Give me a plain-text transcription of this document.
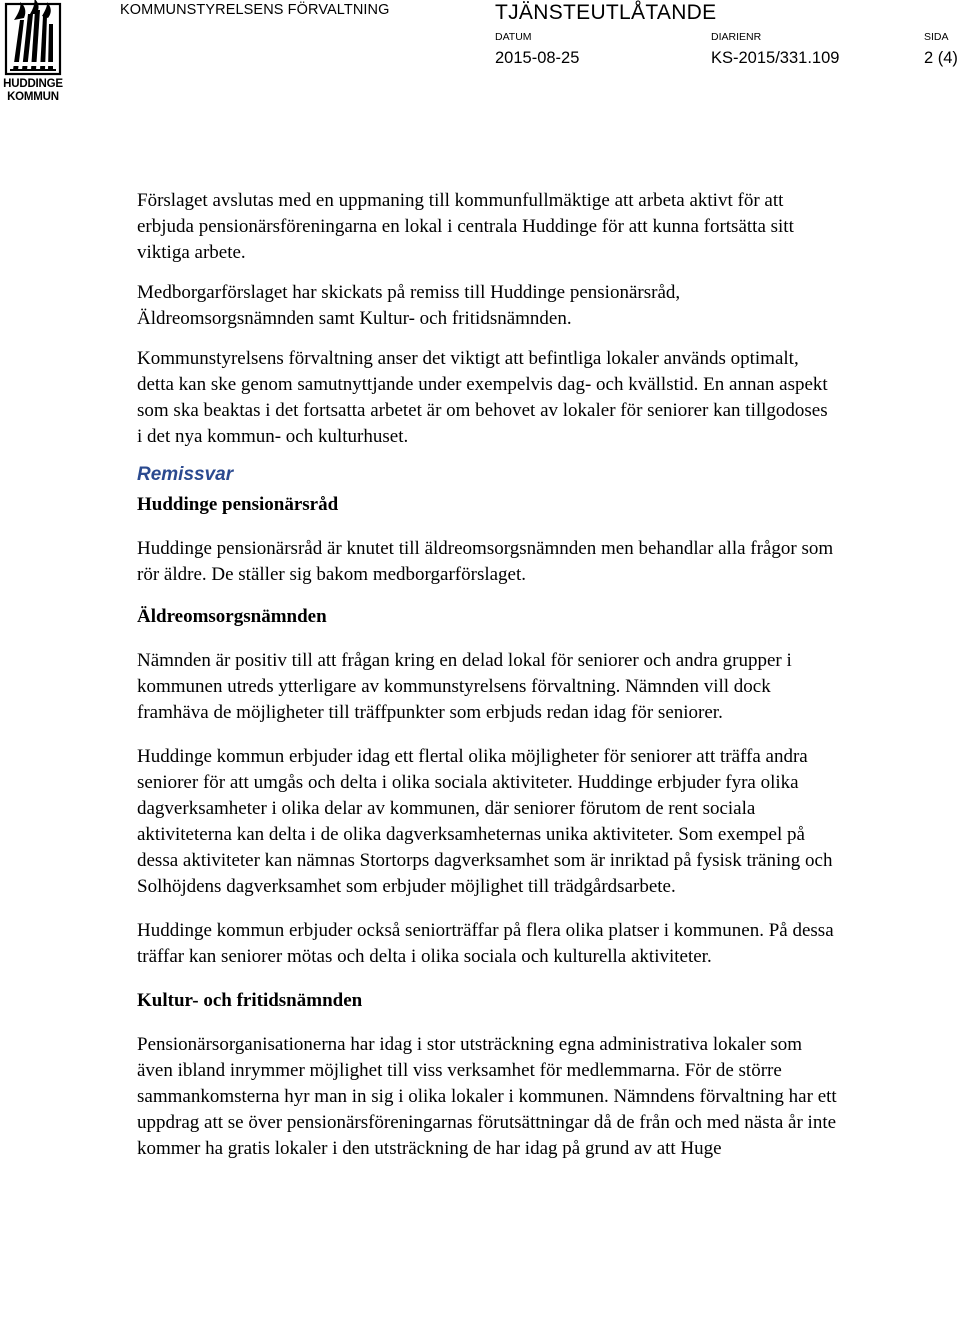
HUDDINGE
KOMMUN
KOMMUNSTYRELSENS FÖRVALTNING	TJÄNSTEUTLÅTANDE
DATUM
2015-08-25
DIARIENR
KS-2015/331.109
SIDA
2 (4)

Förslaget avslutas med en uppmaning till kommunfullmäktige att arbeta aktivt för att erbjuda pensionärsföreningarna en lokal i centrala Huddinge för att kunna fortsätta sitt viktiga arbete.

Medborgarförslaget har skickats på remiss till Huddinge pensionärsråd, Äldreomsorgsnämnden samt Kultur- och fritidsnämnden.

Kommunstyrelsens förvaltning anser det viktigt att befintliga lokaler används optimalt, detta kan ske genom samutnyttjande under exempelvis dag- och kvällstid. En annan aspekt som ska beaktas i det fortsatta arbetet är om behovet av lokaler för seniorer kan tillgodoses i det nya kommun- och kulturhuset.

Remissvar
Huddinge pensionärsråd

Huddinge pensionärsråd är knutet till äldreomsorgsnämnden men behandlar alla frågor som rör äldre. De ställer sig bakom medborgarförslaget.

Äldreomsorgsnämnden

Nämnden är positiv till att frågan kring en delad lokal för seniorer och andra grupper i kommunen utreds ytterligare av kommunstyrelsens förvaltning. Nämnden vill dock framhäva de möjligheter till träffpunkter som erbjuds redan idag för seniorer.

Huddinge kommun erbjuder idag ett flertal olika möjligheter för seniorer att träffa andra seniorer för att umgås och delta i olika sociala aktiviteter. Huddinge erbjuder fyra olika dagverksamheter i olika delar av kommunen, där seniorer förutom de rent sociala aktiviteterna kan delta i de olika dagverksamheternas unika aktiviteter. Som exempel på dessa aktiviteter kan nämnas Stortorps dagverksamhet som är inriktad på fysisk träning och Solhöjdens dagverksamhet som erbjuder möjlighet till trädgårdsarbete.

Huddinge kommun erbjuder också seniorträffar på flera olika platser i kommunen. På dessa träffar kan seniorer mötas och delta i olika sociala och kulturella aktiviteter.

Kultur- och fritidsnämnden

Pensionärsorganisationerna har idag i stor utsträckning egna administrativa lokaler som även ibland inrymmer möjlighet till viss verksamhet för medlemmarna. För de större sammankomsterna hyr man in sig i olika lokaler i kommunen. Nämndens förvaltning har ett uppdrag att se över pensionärsföreningarnas förutsättningar då de från och med nästa år inte kommer ha gratis lokaler i den utsträckning de har idag på grund av att Huge
